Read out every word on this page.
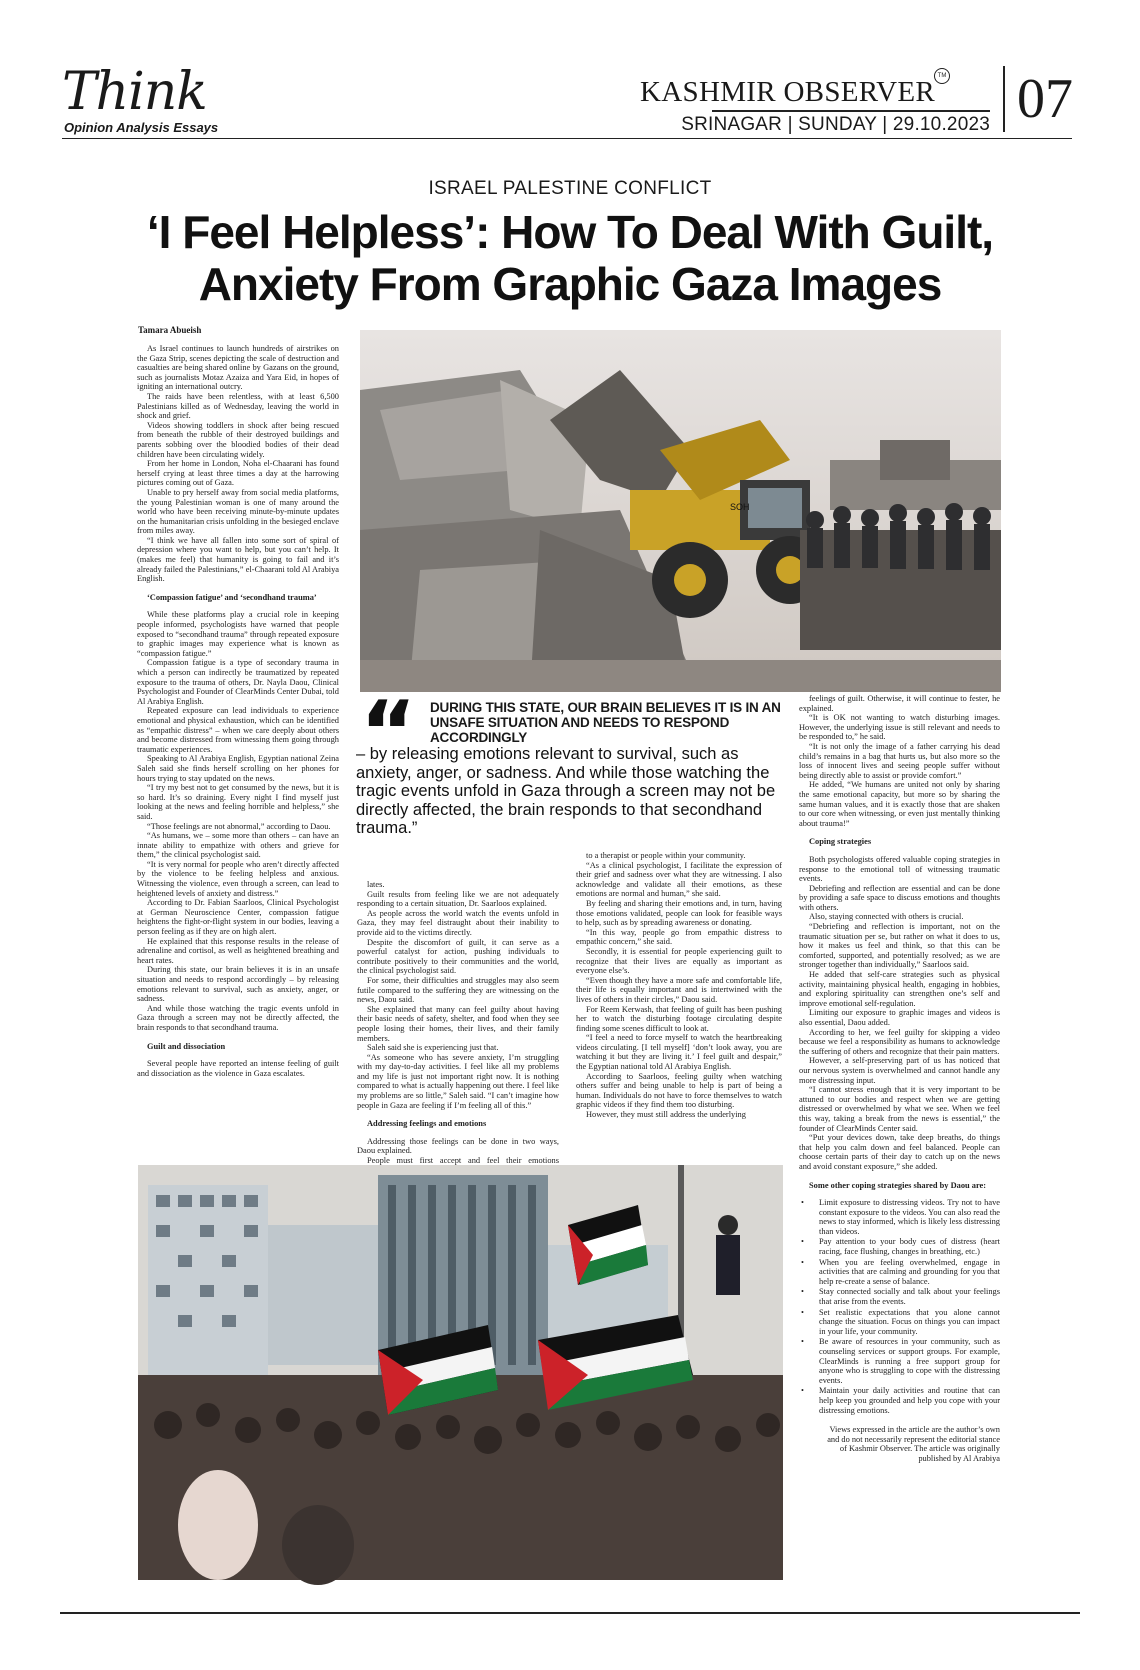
Think
Opinion Analysis Essays
KASHMIR OBSERVER TM
SRINAGAR | SUNDAY | 29.10.2023 07
ISRAEL PALESTINE CONFLICT
‘I Feel Helpless’: How To Deal With Guilt,
Anxiety From Graphic Gaza Images
Tamara Abueish

As Israel continues to launch hundreds of airstrikes on the Gaza Strip, scenes depicting the scale of destruction and casualties are being shared online by Gazans on the ground, such as journalists Motaz Azaiza and Yara Eid, in hopes of igniting an international outcry.

The raids have been relentless, with at least 6,500 Palestinians killed as of Wednesday, leaving the world in shock and grief.

Videos showing toddlers in shock after being rescued from beneath the rubble of their destroyed buildings and parents sobbing over the bloodied bodies of their dead children have been circulating widely.

From her home in London, Noha el-Chaarani has found herself crying at least three times a day at the harrowing pictures coming out of Gaza.

Unable to pry herself away from social media platforms, the young Palestinian woman is one of many around the world who have been receiving minute-by-minute updates on the humanitarian crisis unfolding in the besieged enclave from miles away.

“I think we have all fallen into some sort of spiral of depression where you want to help, but you can’t help. It (makes me feel) that humanity is going to fail and it’s already failed the Palestinians,” el-Chaarani told Al Arabiya English.

‘Compassion fatigue’ and ‘secondhand trauma’

While these platforms play a crucial role in keeping people informed, psychologists have warned that people exposed to “secondhand trauma” through repeated exposure to graphic images may experience what is known as “compassion fatigue.”

Compassion fatigue is a type of secondary trauma in which a person can indirectly be traumatized by repeated exposure to the trauma of others, Dr. Nayla Daou, Clinical Psychologist and Founder of ClearMinds Center Dubai, told Al Arabiya English.

Repeated exposure can lead individuals to experience emotional and physical exhaustion, which can be identified as “empathic distress” – when we care deeply about others and become distressed from witnessing them going through traumatic experiences.

Speaking to Al Arabiya English, Egyptian national Zeina Saleh said she finds herself scrolling on her phones for hours trying to stay updated on the news.

“I try my best not to get consumed by the news, but it is so hard. It’s so draining. Every night I find myself just looking at the news and feeling horrible and helpless,” she said.

“Those feelings are not abnormal,” according to Daou.

“As humans, we – some more than others – can have an innate ability to empathize with others and grieve for them,” the clinical psychologist said.

“It is very normal for people who aren’t directly affected by the violence to be feeling helpless and anxious. Witnessing the violence, even through a screen, can lead to heightened levels of anxiety and distress.”

According to Dr. Fabian Saarloos, Clinical Psychologist at German Neuroscience Center, compassion fatigue heightens the fight-or-flight system in our bodies, leaving a person feeling as if they are on high alert.

He explained that this response results in the release of adrenaline and cortisol, as well as heightened breathing and heart rates.

During this state, our brain believes it is in an unsafe situation and needs to respond accordingly – by releasing emotions relevant to survival, such as anxiety, anger, or sadness.

And while those watching the tragic events unfold in Gaza through a screen may not be directly affected, the brain responds to that secondhand trauma.

Guilt and dissociation

Several people have reported an intense feeling of guilt and dissociation as the violence in Gaza escalates.

SOH
“ DURING THIS STATE, OUR BRAIN BELIEVES IT IS IN AN UNSAFE SITUATION AND NEEDS TO RESPOND ACCORDINGLY
– by releasing emotions relevant to survival, such as anxiety, anger, or sadness. And while those watching the tragic events unfold in Gaza through a screen may not be directly affected, the brain responds to that secondhand trauma.”

lates.

Guilt results from feeling like we are not adequately responding to a certain situation, Dr. Saarloos explained.

As people across the world watch the events unfold in Gaza, they may feel distraught about their inability to provide aid to the victims directly.

Despite the discomfort of guilt, it can serve as a powerful catalyst for action, pushing individuals to contribute positively to their communities and the world, the clinical psychologist said.

For some, their difficulties and struggles may also seem futile compared to the suffering they are witnessing on the news, Daou said.

She explained that many can feel guilty about having their basic needs of safety, shelter, and food when they see people losing their homes, their lives, and their family members.

Saleh said she is experiencing just that.

“As someone who has severe anxiety, I’m struggling with my day-to-day activities. I feel like all my problems and my life is just not important right now. It is nothing compared to what is actually happening out there. I feel like my problems are so little,” Saleh said. “I can’t imagine how people in Gaza are feeling if I’m feeling all of this.”

Addressing feelings and emotions

Addressing those feelings can be done in two ways, Daou explained.

People must first accept and feel their emotions

to a therapist or people within your community.

“As a clinical psychologist, I facilitate the expression of their grief and sadness over what they are witnessing. I also acknowledge and validate all their emotions, as these emotions are normal and human,” she said.

By feeling and sharing their emotions and, in turn, having those emotions validated, people can look for feasible ways to help, such as by spreading awareness or donating.

“In this way, people go from empathic distress to empathic concern,” she said.

Secondly, it is essential for people experiencing guilt to recognize that their lives are equally as important as everyone else’s.

“Even though they have a more safe and comfortable life, their life is equally important and is intertwined with the lives of others in their circles,” Daou said.

For Reem Kerwash, that feeling of guilt has been pushing her to watch the disturbing footage circulating despite finding some scenes difficult to look at.

“I feel a need to force myself to watch the heartbreaking videos circulating. [I tell myself] ‘don’t look away, you are watching it but they are living it.’ I feel guilt and despair,” the Egyptian national told Al Arabiya English.

According to Saarloos, feeling guilty when watching others suffer and being unable to help is part of being a human. Individuals do not have to force themselves to watch graphic videos if they find them too disturbing.

However, they must still address the underlying

feelings of guilt. Otherwise, it will continue to fester, he explained.

“It is OK not wanting to watch disturbing images. However, the underlying issue is still relevant and needs to be responded to,” he said.

“It is not only the image of a father carrying his dead child’s remains in a bag that hurts us, but also more so the loss of innocent lives and seeing people suffer without being directly able to assist or provide comfort.”

He added, “We humans are united not only by sharing the same emotional capacity, but more so by sharing the same human values, and it is exactly those that are shaken to our core when witnessing, or even just mentally thinking about trauma!”

Coping strategies

Both psychologists offered valuable coping strategies in response to the emotional toll of witnessing traumatic events.

Debriefing and reflection are essential and can be done by providing a safe space to discuss emotions and thoughts with others.

Also, staying connected with others is crucial.

“Debriefing and reflection is important, not on the traumatic situation per se, but rather on what it does to us, how it makes us feel and think, so that this can be comforted, supported, and potentially resolved; as we are stronger together than individually,” Saarloos said.

He added that self-care strategies such as physical activity, maintaining physical health, engaging in hobbies, and exploring spirituality can strengthen one’s self and improve emotional self-regulation.

Limiting our exposure to graphic images and videos is also essential, Daou added.

According to her, we feel guilty for skipping a video because we feel a responsibility as humans to acknowledge the suffering of others and recognize that their pain matters.

However, a self-preserving part of us has noticed that our nervous system is overwhelmed and cannot handle any more distressing input.

“I cannot stress enough that it is very important to be attuned to our bodies and respect when we are getting distressed or overwhelmed by what we see. When we feel this way, taking a break from the news is essential,” the founder of ClearMinds Center said.

“Put your devices down, take deep breaths, do things that help you calm down and feel balanced. People can choose certain parts of their day to catch up on the news and avoid constant exposure,” she added.

Some other coping strategies shared by Daou are:
• Limit exposure to distressing videos. Try not to have constant exposure to the videos. You can also read the news to stay informed, which is likely less distressing than videos.
• Pay attention to your body cues of distress (heart racing, face flushing, changes in breathing, etc.)
• When you are feeling overwhelmed, engage in activities that are calming and grounding for you that help re-create a sense of balance.
• Stay connected socially and talk about your feelings that arise from the events.
• Set realistic expectations that you alone cannot change the situation. Focus on things you can impact in your life, your community.
• Be aware of resources in your community, such as counseling services or support groups. For example, ClearMinds is running a free support group for anyone who is struggling to cope with the distressing events.
• Maintain your daily activities and routine that can help keep you grounded and help you cope with your distressing emotions.

Views expressed in the article are the author’s own and do not necessarily represent the editorial stance of Kashmir Observer. The article was originally published by Al Arabiya
